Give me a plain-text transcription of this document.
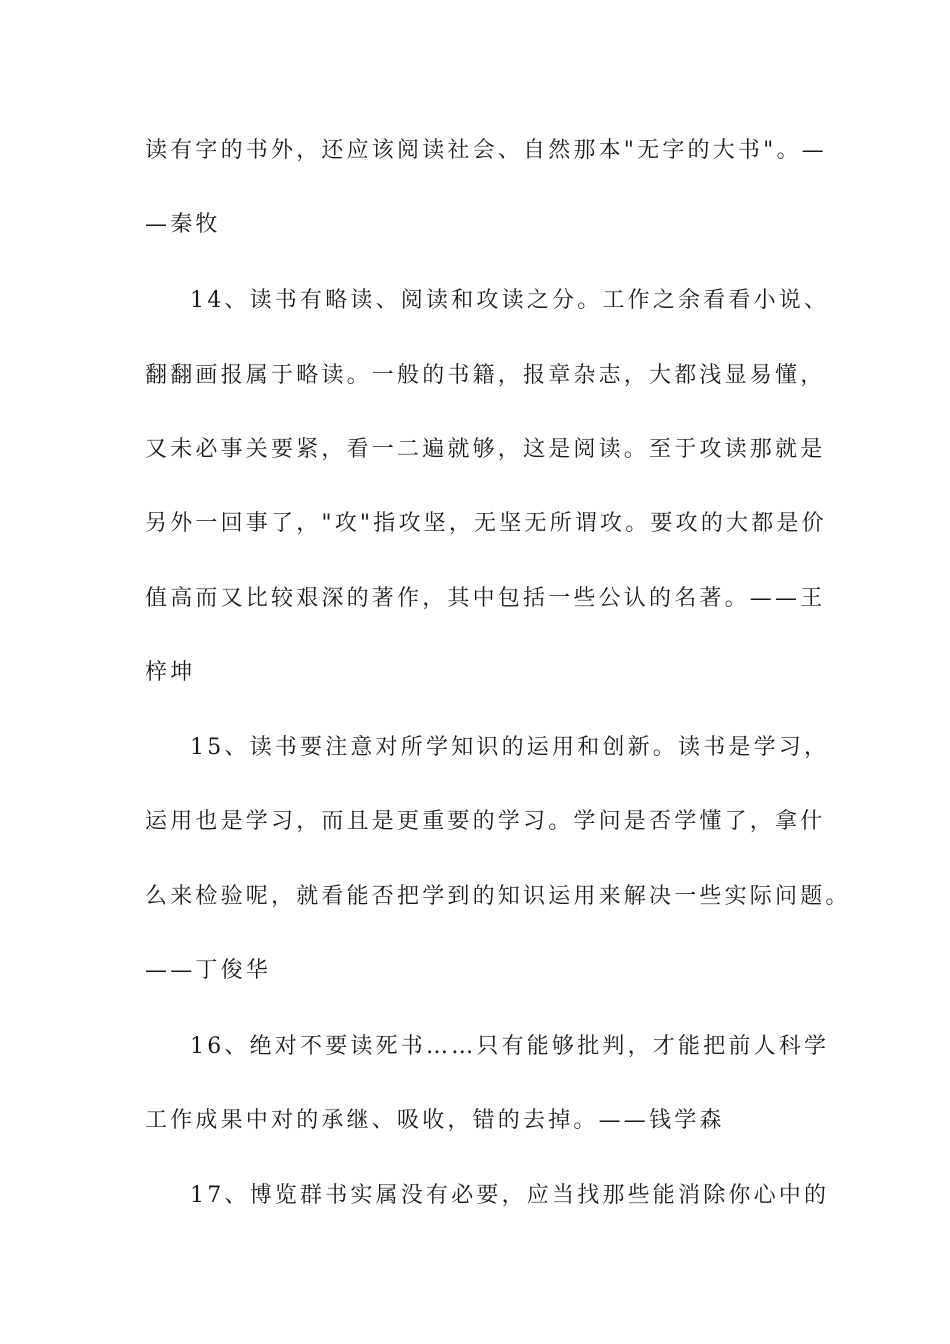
读有字的书外，还应该阅读社会、自然那本"无字的大书"。—
—秦牧
14、读书有略读、阅读和攻读之分。工作之余看看小说、
翻翻画报属于略读。一般的书籍，报章杂志，大都浅显易懂，
又未必事关要紧，看一二遍就够，这是阅读。至于攻读那就是
另外一回事了，"攻"指攻坚，无坚无所谓攻。要攻的大都是价
值高而又比较艰深的著作，其中包括一些公认的名著。——王
梓坤
15、读书要注意对所学知识的运用和创新。读书是学习，
运用也是学习，而且是更重要的学习。学问是否学懂了，拿什
么来检验呢，就看能否把学到的知识运用来解决一些实际问题。
——丁俊华
16、绝对不要读死书……只有能够批判，才能把前人科学
工作成果中对的承继、吸收，错的去掉。——钱学森
17、博览群书实属没有必要，应当找那些能消除你心中的
